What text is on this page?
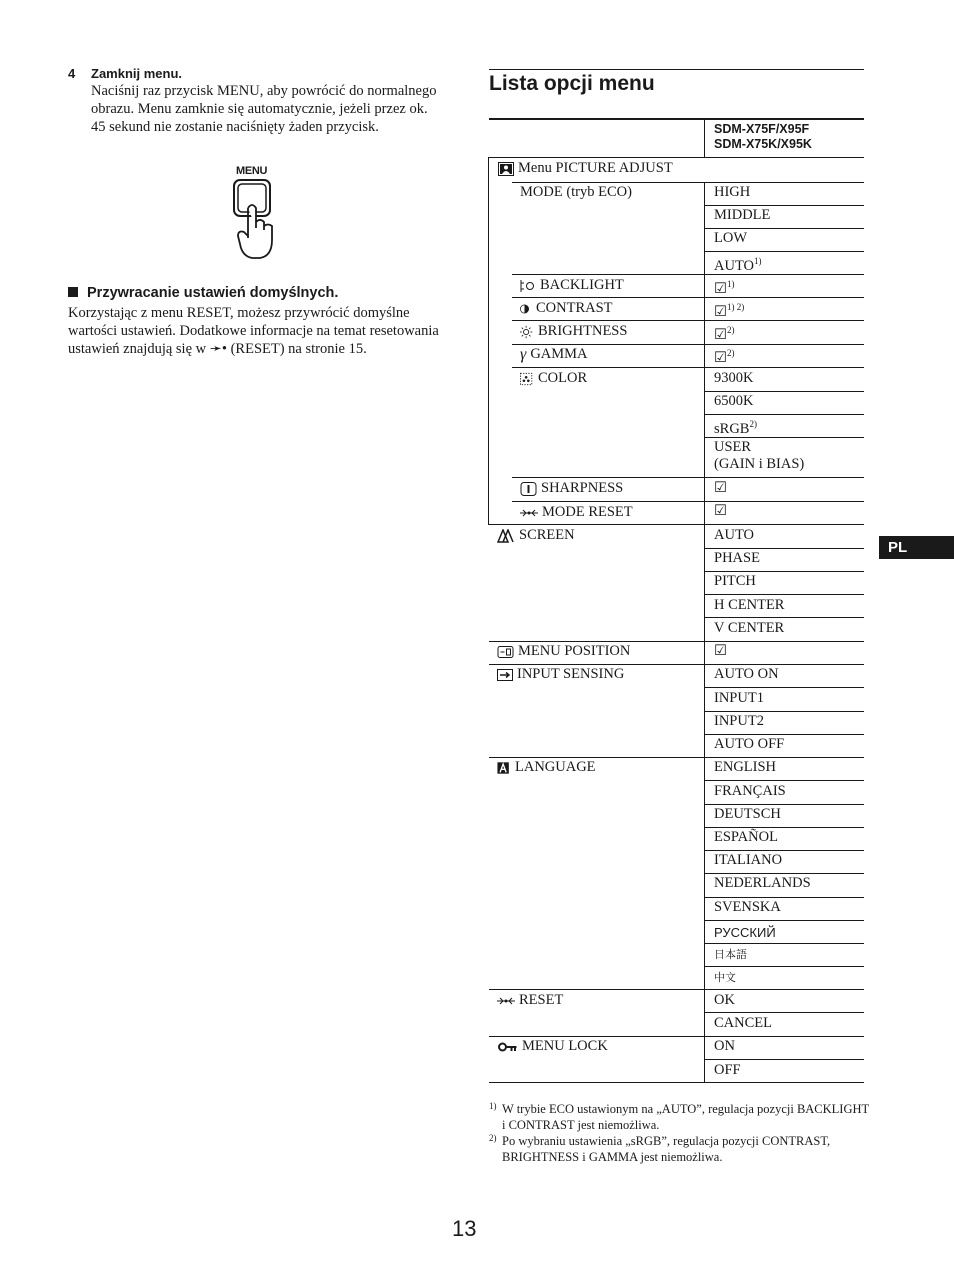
4 Zamknij menu.
Naciśnij raz przycisk MENU, aby powrócić do normalnego obrazu. Menu zamknie się automatycznie, jeżeli przez ok. 45 sekund nie zostanie naciśnięty żaden przycisk.
MENU
Przywracanie ustawień domyślnych.
Korzystając z menu RESET, możesz przywrócić domyślne wartości ustawień. Dodatkowe informacje na temat resetowania ustawień znajdują się w ➛• (RESET) na stronie 15.
Lista opcji menu
SDM-X75F/X95F
SDM-X75K/X95K
Menu PICTURE ADJUST
MODE (tryb ECO)	HIGH
MIDDLE
LOW
AUTO$^{1)}$
BACKLIGHT	☑$^{1)}$
CONTRAST	☑$^{1) 2)}$
BRIGHTNESS	☑$^{2)}$
γ GAMMA	☑$^{2)}$
COLOR	9300K
6500K
sRGB$^{2)}$
USER
(GAIN i BIAS)
SHARPNESS	☑
MODE RESET	☑
SCREEN	AUTO
PHASE
PITCH
H CENTER
V CENTER
MENU POSITION	☑
INPUT SENSING	AUTO ON
INPUT1
INPUT2
AUTO OFF
LANGUAGE	ENGLISH
FRANÇAIS
DEUTSCH
ESPAÑOL
ITALIANO
NEDERLANDS
SVENSKA
РУССКИЙ
日本語
中文
RESET	OK
CANCEL
MENU LOCK	ON
OFF
1) W trybie ECO ustawionym na „AUTO”, regulacja pozycji BACKLIGHT i CONTRAST jest niemożliwa.
2) Po wybraniu ustawienia „sRGB”, regulacja pozycji CONTRAST, BRIGHTNESS i GAMMA jest niemożliwa.
PL
13
